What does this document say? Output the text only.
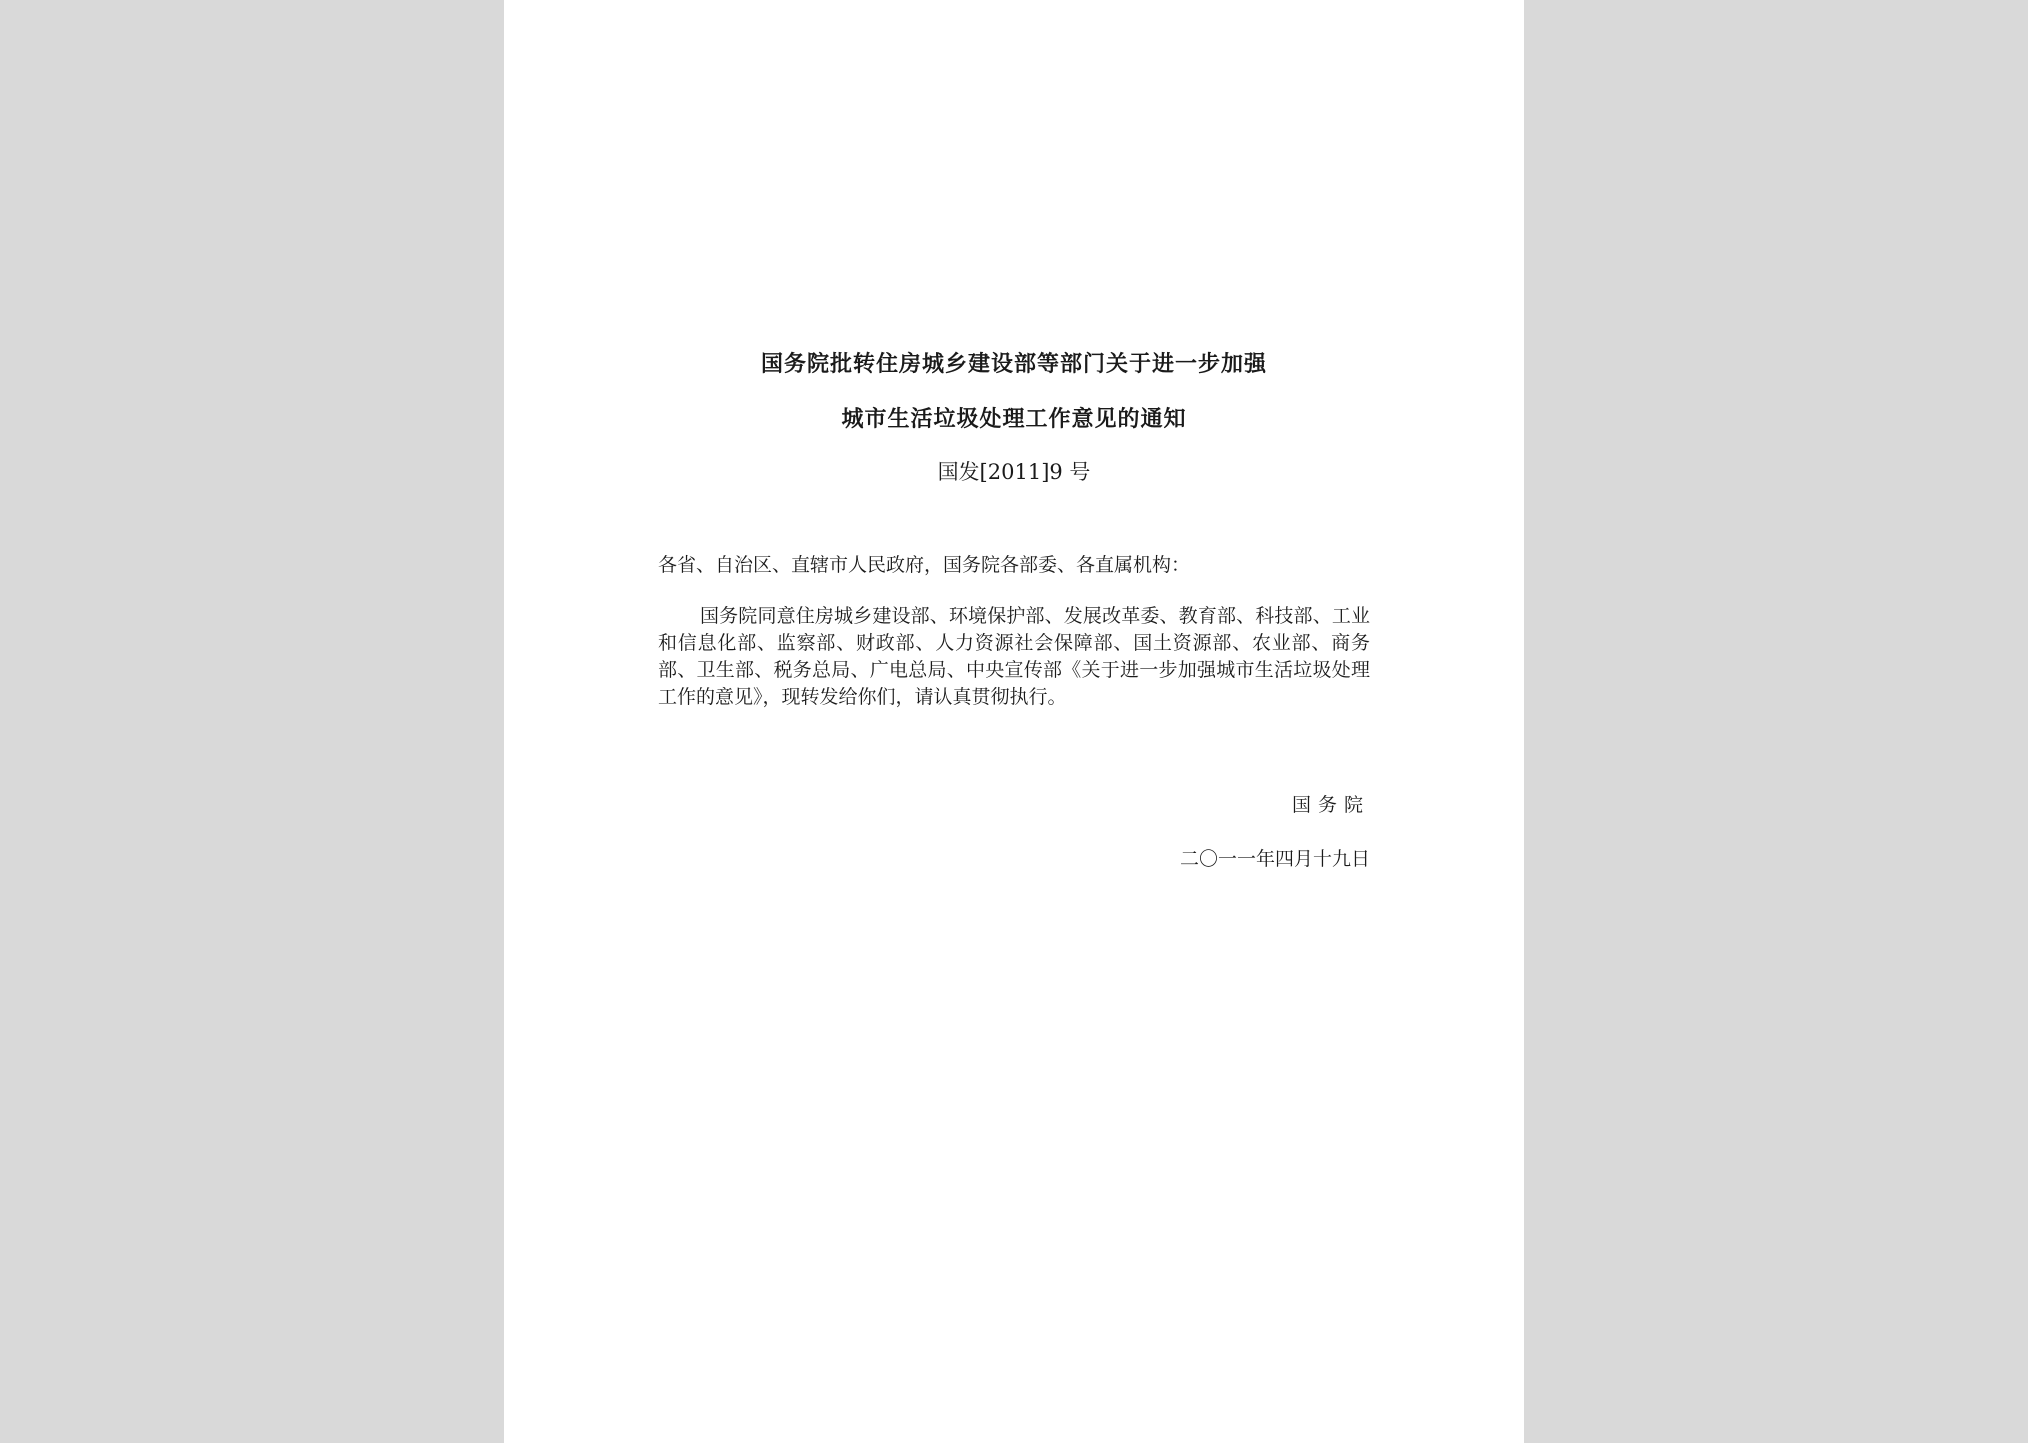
国务院批转住房城乡建设部等部门关于进一步加强
城市生活垃圾处理工作意见的通知
国发[2011]9 号
各省、自治区、直辖市人民政府，国务院各部委、各直属机构：
国务院同意住房城乡建设部、环境保护部、发展改革委、教育部、科技部、工业和信息化部、监察部、财政部、人力资源社会保障部、国土资源部、农业部、商务部、卫生部、税务总局、广电总局、中央宣传部《关于进一步加强城市生活垃圾处理工作的意见》，现转发给你们，请认真贯彻执行。
国务院
二〇一一年四月十九日
